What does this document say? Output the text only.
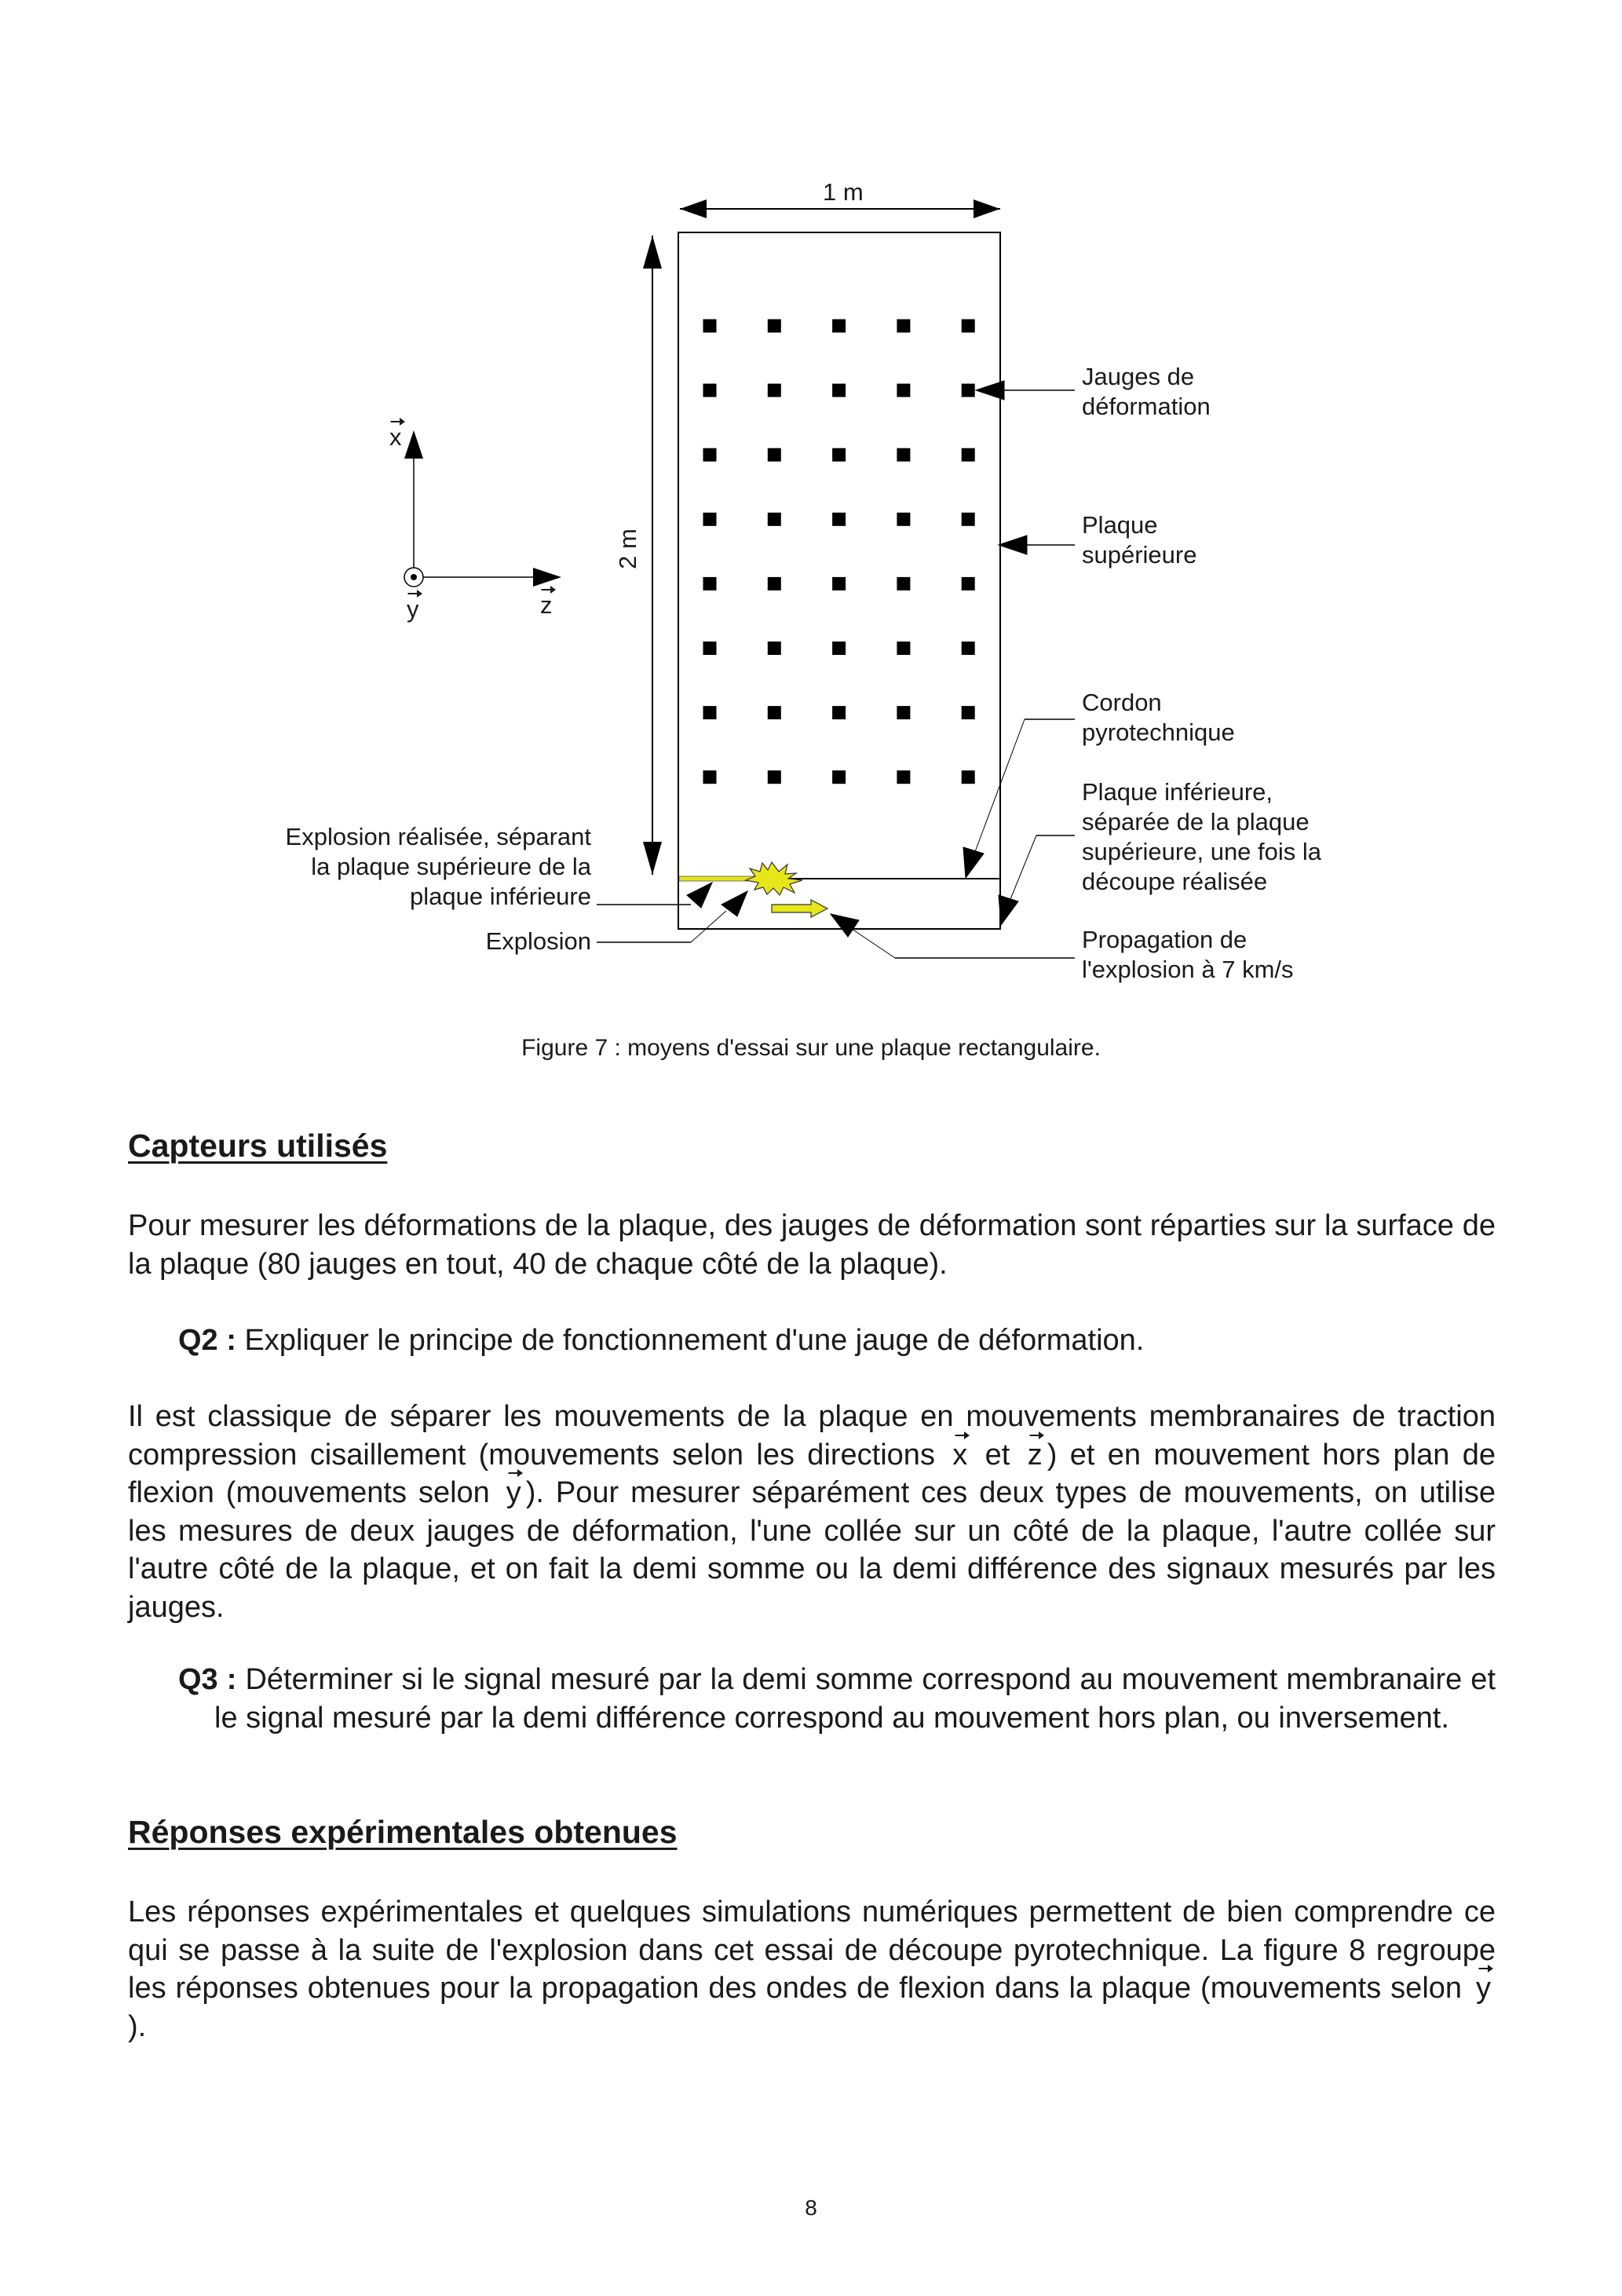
1 m
2 m
x
y	z
Jauges de
déformation
Plaque
supérieure
Cordon
pyrotechnique
Plaque inférieure,
séparée de la plaque
supérieure, une fois la
découpe réalisée
Propagation de
l'explosion à 7 km/s
Explosion réalisée, séparant
la plaque supérieure de la
plaque inférieure
Explosion
Figure 7 : moyens d'essai sur une plaque rectangulaire.
Capteurs utilisés
Pour mesurer les déformations de la plaque, des jauges de déformation sont réparties sur la surface de la plaque (80 jauges en tout, 40 de chaque côté de la plaque).
Q2 : Expliquer le principe de fonctionnement d'une jauge de déformation.
Il est classique de séparer les mouvements de la plaque en mouvements membranaires de traction compression cisaillement (mouvements selon les directions x et z ) et en mouvement hors plan de flexion (mouvements selon y ). Pour mesurer séparément ces deux types de mouvements, on utilise les mesures de deux jauges de déformation, l'une collée sur un côté de la plaque, l'autre collée sur l'autre côté de la plaque, et on fait la demi somme ou la demi différence des signaux mesurés par les jauges.
Q3 : Déterminer si le signal mesuré par la demi somme correspond au mouvement membranaire et le signal mesuré par la demi différence correspond au mouvement hors plan, ou inversement.
Réponses expérimentales obtenues
Les réponses expérimentales et quelques simulations numériques permettent de bien comprendre ce qui se passe à la suite de l'explosion dans cet essai de découpe pyrotechnique. La figure 8 regroupe les réponses obtenues pour la propagation des ondes de flexion dans la plaque (mouvements selon y).
8
